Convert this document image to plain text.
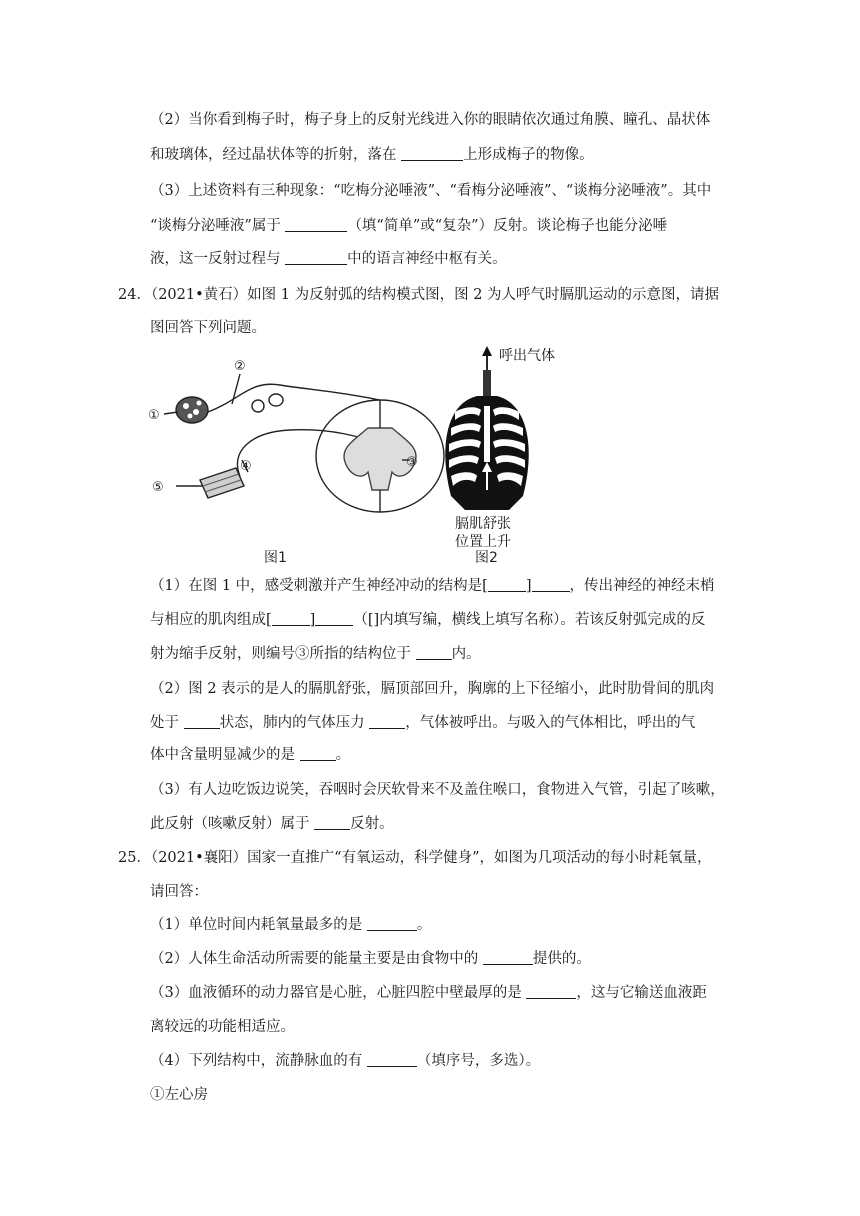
（2）当你看到梅子时，梅子身上的反射光线进入你的眼睛依次通过角膜、瞳孔、晶状体
和玻璃体，经过晶状体等的折射，落在	上形成梅子的物像。
（3）上述资料有三种现象：“吃梅分泌唾液”、“看梅分泌唾液”、“谈梅分泌唾液”。其中
“谈梅分泌唾液”属于	（填“简单”或“复杂”）反射。谈论梅子也能分泌唾
液，这一反射过程与	中的语言神经中枢有关。
24．（2021•黄石）如图 1 为反射弧的结构模式图，图 2 为人呼气时膈肌运动的示意图，请据
图回答下列问题。
①
②
③
④
⑤
呼出气体
膈肌舒张
位置上升
图1	图2
（1）在图 1 中，感受刺激并产生神经冲动的结构是[	]	，传出神经的神经末梢
与相应的肌肉组成[	]	（[]内填写编，横线上填写名称）。若该反射弧完成的反
射为缩手反射，则编号③所指的结构位于 内。
（2）图 2 表示的是人的膈肌舒张，膈顶部回升，胸廓的上下径缩小，此时肋骨间的肌肉
处于 状态，肺内的气体压力 ，气体被呼出。与吸入的气体相比，呼出的气
体中含量明显减少的是 。
（3）有人边吃饭边说笑，吞咽时会厌软骨来不及盖住喉口，食物进入气管，引起了咳嗽，
此反射（咳嗽反射）属于 反射。
25．（2021•襄阳）国家一直推广“有氧运动，科学健身”，如图为几项活动的每小时耗氧量，
请回答：
（1）单位时间内耗氧量最多的是	。
（2）人体生命活动所需要的能量主要是由食物中的	提供的。
（3）血液循环的动力器官是心脏，心脏四腔中壁最厚的是	，这与它输送血液距
离较远的功能相适应。
（4）下列结构中，流静脉血的有	（填序号，多选）。
①左心房
